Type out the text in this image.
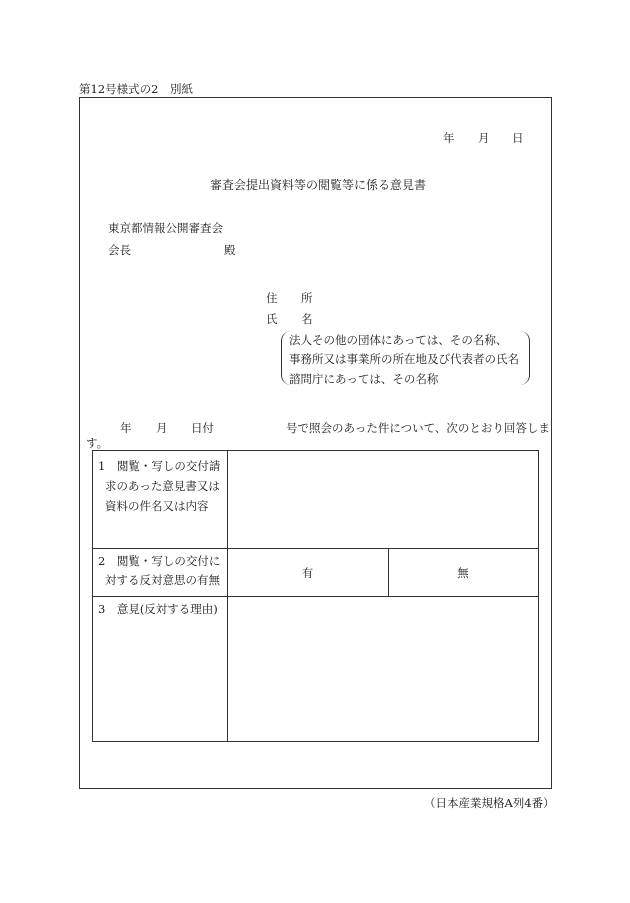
第12号様式の2　別紙
年 月 日
審査会提出資料等の閲覧等に係る意見書
東京都情報公開審査会
会長	殿
住 所
氏 名
法人その他の団体にあっては、その名称、
事務所又は事業所の所在地及び代表者の氏名
諮問庁にあっては、その名称
年 月 日付	号で照会のあった件について、次のとおり回答しま
す。
1　閲覧・写しの交付請
求のあった意見書又は
資料の件名又は内容
2　閲覧・写しの交付に
対する反対意思の有無	有	無
3　意見(反対する理由)
（日本産業規格A列4番）
